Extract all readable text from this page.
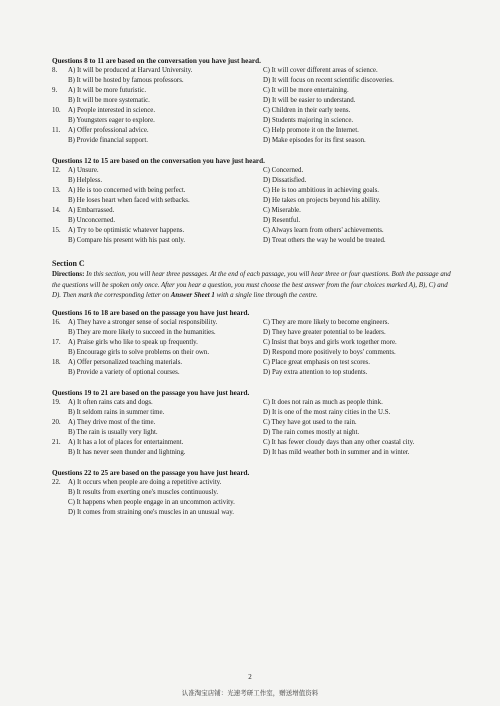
Questions 8 to 11 are based on the conversation you have just heard.
8.	A) It will be produced at Harvard University.	C) It will cover different areas of science.
B) It will be hosted by famous professors.	D) It will focus on recent scientific discoveries.
9.	A) It will be more futuristic.	C) It will be more entertaining.
B) It will be more systematic.	D) It will be easier to understand.
10.	A) People interested in science.	C) Children in their early teens.
B) Youngsters eager to explore.	D) Students majoring in science.
11.	A) Offer professional advice.	C) Help promote it on the Internet.
B) Provide financial support.	D) Make episodes for its first season.
Questions 12 to 15 are based on the conversation you have just heard.
12.	A) Unsure.	C) Concerned.
B) Helpless.	D) Dissatisfied.
13.	A) He is too concerned with being perfect.	C) He is too ambitious in achieving goals.
B) He loses heart when faced with setbacks.	D) He takes on projects beyond his ability.
14.	A) Embarrassed.	C) Miserable.
B) Unconcerned.	D) Resentful.
15.	A) Try to be optimistic whatever happens.	C) Always learn from others' achievements.
B) Compare his present with his past only.	D) Treat others the way he would be treated.
Section C
Directions: In this section, you will hear three passages. At the end of each passage, you will hear three or four questions. Both the passage and the questions will be spoken only once. After you hear a question, you must choose the best answer from the four choices marked A), B), C) and D). Then mark the corresponding letter on Answer Sheet 1 with a single line through the centre.
Questions 16 to 18 are based on the passage you have just heard.
16.	A) They have a stronger sense of social responsibility.	C) They are more likely to become engineers.
B) They are more likely to succeed in the humanities.	D) They have greater potential to be leaders.
17.	A) Praise girls who like to speak up frequently.	C) Insist that boys and girls work together more.
B) Encourage girls to solve problems on their own.	D) Respond more positively to boys' comments.
18.	A) Offer personalized teaching materials.	C) Place great emphasis on test scores.
B) Provide a variety of optional courses.	D) Pay extra attention to top students.
Questions 19 to 21 are based on the passage you have just heard.
19.	A) It often rains cats and dogs.	C) It does not rain as much as people think.
B) It seldom rains in summer time.	D) It is one of the most rainy cities in the U.S.
20.	A) They drive most of the time.	C) They have got used to the rain.
B) The rain is usually very light.	D) The rain comes mostly at night.
21.	A) It has a lot of places for entertainment.	C) It has fewer cloudy days than any other coastal city.
B) It has never seen thunder and lightning.	D) It has mild weather both in summer and in winter.
Questions 22 to 25 are based on the passage you have just heard.
22.	A) It occurs when people are doing a repetitive activity.
B) It results from exerting one's muscles continuously.
C) It happens when people engage in an uncommon activity.
D) It comes from straining one's muscles in an unusual way.
2
认准淘宝店铺：光速考研工作室，赠送增值资料
